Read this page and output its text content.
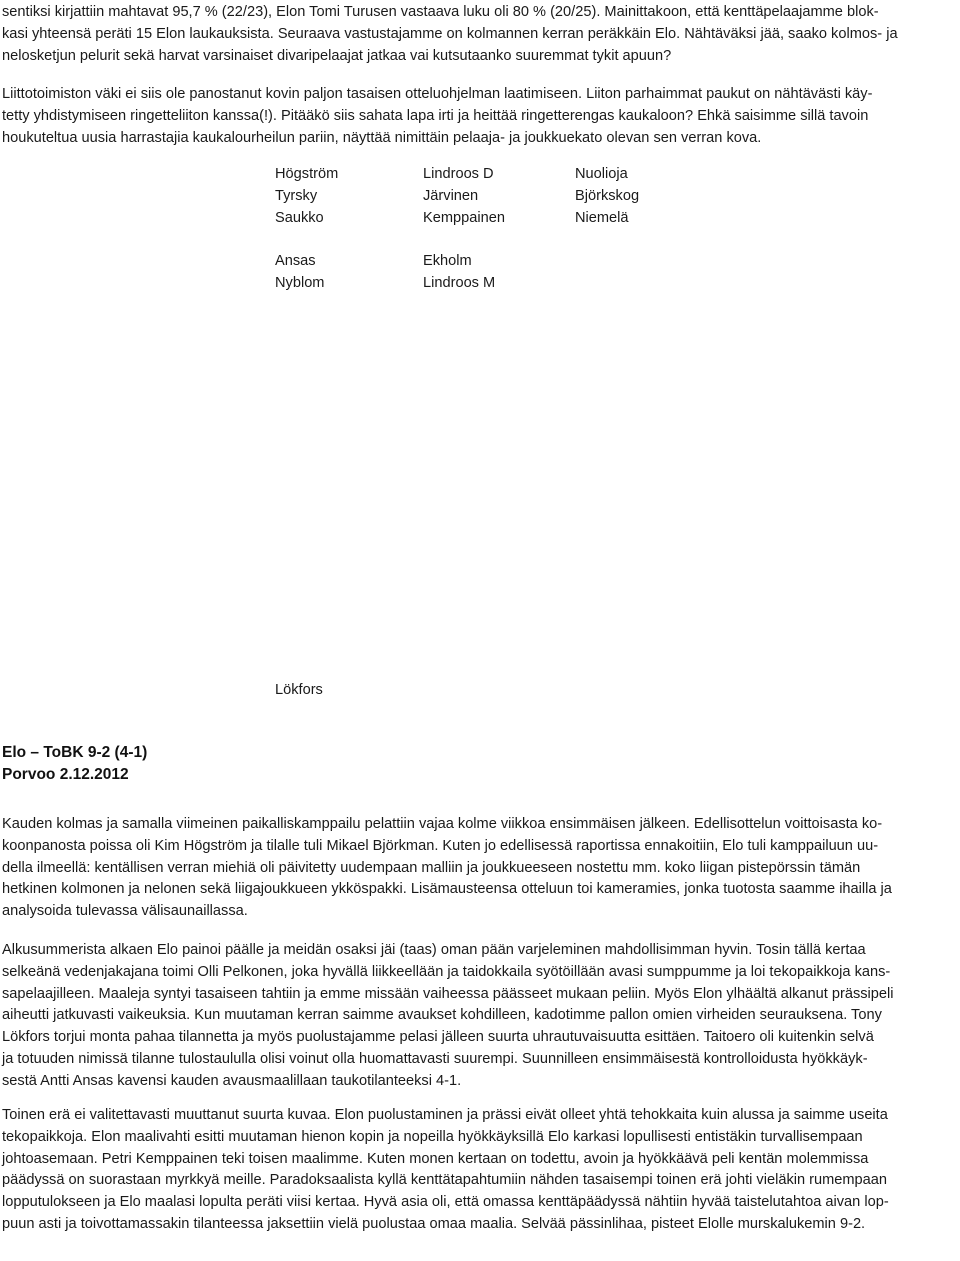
sentiksi kirjattiin mahtavat 95,7 % (22/23), Elon Tomi Turusen vastaava luku oli 80 % (20/25). Mainittakoon, että kenttäpelaajamme blok-
kasi yhteensä peräti 15 Elon laukauksista. Seuraava vastustajamme on kolmannen kerran peräkkäin Elo. Nähtäväksi jää, saako kolmos- ja
nelosketjun pelurit sekä harvat varsinaiset divaripelaajat jatkaa vai kutsutaanko suuremmat tykit apuun?
Liittotoimiston väki ei siis ole panostanut kovin paljon tasaisen otteluohjelman laatimiseen. Liiton parhaimmat paukut on nähtävästi käy-
tetty yhdistymiseen ringetteliiton kanssa(!). Pitääkö siis sahata lapa irti ja heittää ringetterengas kaukaloon? Ehkä saisimme sillä tavoin
houkuteltua uusia harrastajia kaukalourheilun pariin, näyttää nimittäin pelaaja- ja joukkuekato olevan sen verran kova.
Högström	Lindroos D	Nuolioja
Tyrsky	Järvinen	Björkskog
Saukko	Kemppainen	Niemelä
Ansas	Ekholm
Nyblom	Lindroos M
Lökfors
Elo – ToBK 9-2 (4-1)
Porvoo 2.12.2012
Kauden kolmas ja samalla viimeinen paikalliskamppailu pelattiin vajaa kolme viikkoa ensimmäisen jälkeen. Edellisottelun voittoisasta ko-
koonpanosta poissa oli Kim Högström ja tilalle tuli Mikael Björkman. Kuten jo edellisessä raportissa ennakoitiin, Elo tuli kamppailuun uu-
della ilmeellä: kentällisen verran miehiä oli päivitetty uudempaan malliin ja joukkueeseen nostettu mm. koko liigan pistepörssin tämän
hetkinen kolmonen ja nelonen sekä liigajoukkueen ykköspakki. Lisämausteensa otteluun toi kameramies, jonka tuotosta saamme ihailla ja
analysoida tulevassa välisaunaillassa.
Alkusummerista alkaen Elo painoi päälle ja meidän osaksi jäi (taas) oman pään varjeleminen mahdollisimman hyvin. Tosin tällä kertaa
selkeänä vedenjakajana toimi Olli Pelkonen, joka hyvällä liikkeellään ja taidokkaila syötöillään avasi sumppumme ja loi tekopaikkoja kans-
sapelaajilleen. Maaleja syntyi tasaiseen tahtiin ja emme missään vaiheessa päässeet mukaan peliin. Myös Elon ylhäältä alkanut prässipeli
aiheutti jatkuvasti vaikeuksia. Kun muutaman kerran saimme avaukset kohdilleen, kadotimme pallon omien virheiden seurauksena. Tony
Lökfors torjui monta pahaa tilannetta ja myös puolustajamme pelasi jälleen suurta uhrautuvaisuutta esittäen. Taitoero oli kuitenkin selvä
ja totuuden nimissä tilanne tulostaululla olisi voinut olla huomattavasti suurempi. Suunnilleen ensimmäisestä kontrolloidusta hyökkäyk-
sestä Antti Ansas kavensi kauden avausmaalillaan taukotilanteeksi 4-1.
Toinen erä ei valitettavasti muuttanut suurta kuvaa. Elon puolustaminen ja prässi eivät olleet yhtä tehokkaita kuin alussa ja saimme useita
tekopaikkoja. Elon maalivahti esitti muutaman hienon kopin ja nopeilla hyökkäyksillä Elo karkasi lopullisesti entistäkin turvallisempaan
johtoasemaan. Petri Kemppainen teki toisen maalimme. Kuten monen kertaan on todettu, avoin ja hyökkäävä peli kentän molemmissa
päädyssä on suorastaan myrkkyä meille. Paradoksaalista kyllä kenttätapahtumiin nähden tasaisempi toinen erä johti vieläkin rumempaan
lopputulokseen ja Elo maalasi lopulta peräti viisi kertaa. Hyvä asia oli, että omassa kenttäpäädyssä nähtiin hyvää taistelutahtoa aivan lop-
puun asti ja toivottamassakin tilanteessa jaksettiin vielä puolustaa omaa maalia. Selvää pässinlihaa, pisteet Elolle murskalukemin 9-2.
